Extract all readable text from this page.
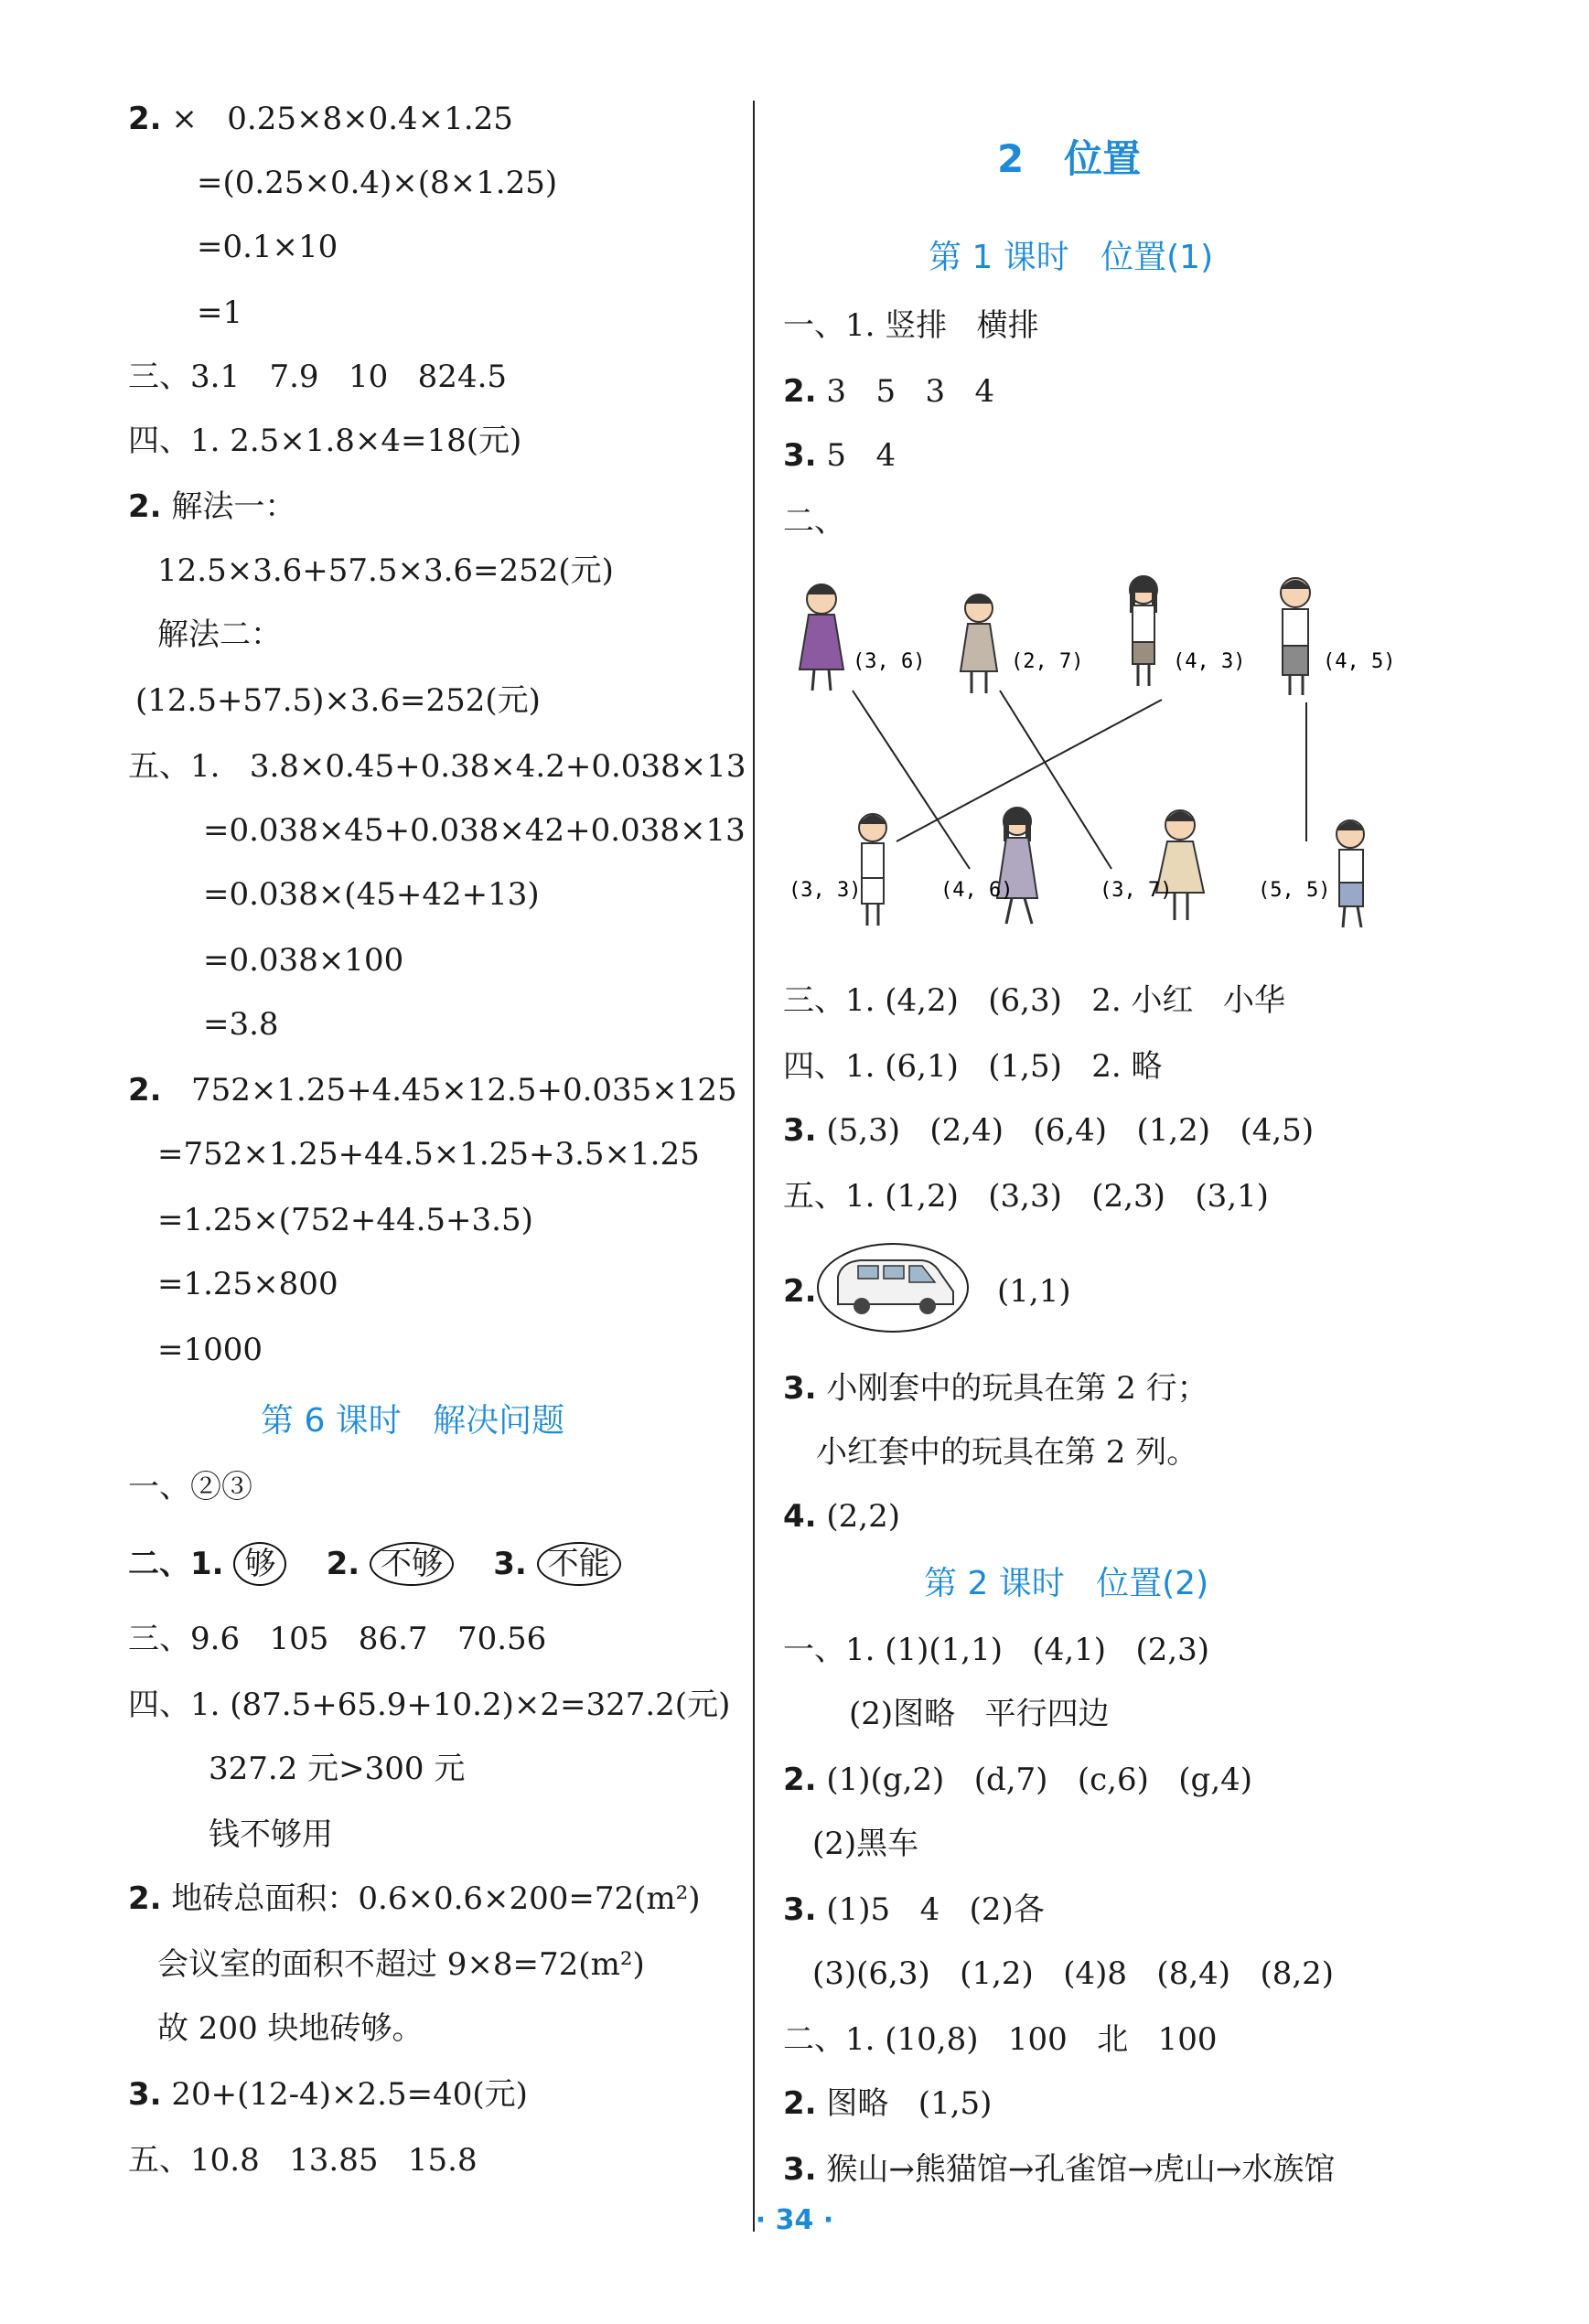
2. ×   0.25×8×0.4×1.25
=(0.25×0.4)×(8×1.25)
=0.1×10
=1
三、3.1   7.9   10   824.5
四、1. 2.5×1.8×4=18(元)
2. 解法一：
12.5×3.6+57.5×3.6=252(元)
解法二：
(12.5+57.5)×3.6=252(元)
五、1.   3.8×0.45+0.38×4.2+0.038×13
=0.038×45+0.038×42+0.038×13
=0.038×(45+42+13)
=0.038×100
=3.8
2.   752×1.25+4.45×12.5+0.035×125
=752×1.25+44.5×1.25+3.5×1.25
=1.25×(752+44.5+3.5)
=1.25×800
=1000
第 6 课时   解决问题
一、②③
二、1. 够 2. 不够 3. 不能
三、9.6   105   86.7   70.56
四、1. (87.5+65.9+10.2)×2=327.2(元)
327.2 元>300 元
钱不够用
2. 地砖总面积：0.6×0.6×200=72(m²)
会议室的面积不超过 9×8=72(m²)
故 200 块地砖够。
3. 20+(12-4)×2.5=40(元)
五、10.8   13.85   15.8
2   位置
第 1 课时   位置(1)
一、1. 竖排   横排
2. 3   5   3   4
3. 5   4
二、
(3, 6)	(2, 7)	(4, 3)	(4, 5)
(3, 3)	(4, 6)	(3, 7)	(5, 5)
三、1. (4,2)   (6,3)   2. 小红   小华
四、1. (6,1)   (1,5)   2. 略
3. (5,3)   (2,4)   (6,4)   (1,2)   (4,5)
五、1. (1,2)   (3,3)   (2,3)   (3,1)
2.	(1,1)
3. 小刚套中的玩具在第 2 行；
小红套中的玩具在第 2 列。
4. (2,2)
第 2 课时   位置(2)
一、1. (1)(1,1)   (4,1)   (2,3)
(2)图略   平行四边
2. (1)(g,2)   (d,7)   (c,6)   (g,4)
(2)黑车
3. (1)5   4   (2)各
(3)(6,3)   (1,2)   (4)8   (8,4)   (8,2)
二、1. (10,8)   100   北   100
2. 图略   (1,5)
3. 猴山→熊猫馆→孔雀馆→虎山→水族馆
· 34 ·
